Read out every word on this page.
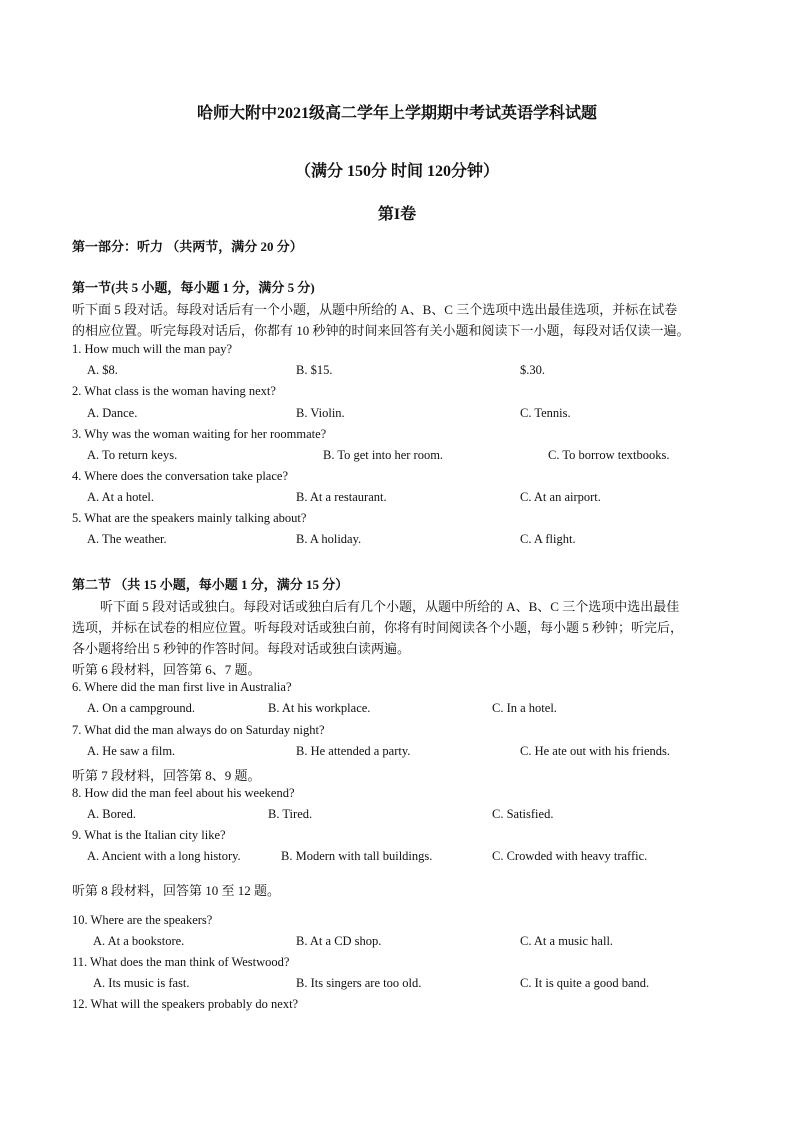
哈师大附中2021级高二学年上学期期中考试英语学科试题
（满分 150分 时间 120分钟）
第I卷
第一部分：听力 （共两节，满分 20 分）
第一节(共 5 小题，每小题 1 分，满分 5 分)
听下面 5 段对话。每段对话后有一个小题，从题中所给的 A、B、C 三个选项中选出最佳选项，并标在试卷
的相应位置。听完每段对话后，你都有 10 秒钟的时间来回答有关小题和阅读下一小题，每段对话仅读一遍。
1. How much will the man pay?
A. $8.	B. $15.	$.30.
2. What class is the woman having next?
A. Dance.	B. Violin.	C. Tennis.
3. Why was the woman waiting for her roommate?
A. To return keys.	B. To get into her room.	C. To borrow textbooks.
4. Where does the conversation take place?
A. At a hotel.	B. At a restaurant.	C. At an airport.
5. What are the speakers mainly talking about?
A. The weather.	B. A holiday.	C. A flight.
第二节 （共 15 小题，每小题 1 分，满分 15 分）
听下面 5 段对话或独白。每段对话或独白后有几个小题，从题中所给的 A、B、C 三个选项中选出最佳
选项，并标在试卷的相应位置。听每段对话或独白前，你将有时间阅读各个小题，每小题 5 秒钟；听完后，
各小题将给出 5 秒钟的作答时间。每段对话或独白读两遍。
听第 6 段材料，回答第 6、7 题。
6. Where did the man first live in Australia?
A. On a campground.	B. At his workplace.	C. In a hotel.
7. What did the man always do on Saturday night?
A. He saw a film.	B. He attended a party.	C. He ate out with his friends.
听第 7 段材料，回答第 8、9 题。
8. How did the man feel about his weekend?
A. Bored.	B. Tired.	C. Satisfied.
9. What is the Italian city like?
A. Ancient with a long history.	B. Modern with tall buildings.	C. Crowded with heavy traffic.
听第 8 段材料，回答第 10 至 12 题。
10. Where are the speakers?
A. At a bookstore.	B. At a CD shop.	C. At a music hall.
11. What does the man think of Westwood?
A. Its music is fast.	B. Its singers are too old.	C. It is quite a good band.
12. What will the speakers probably do next?
